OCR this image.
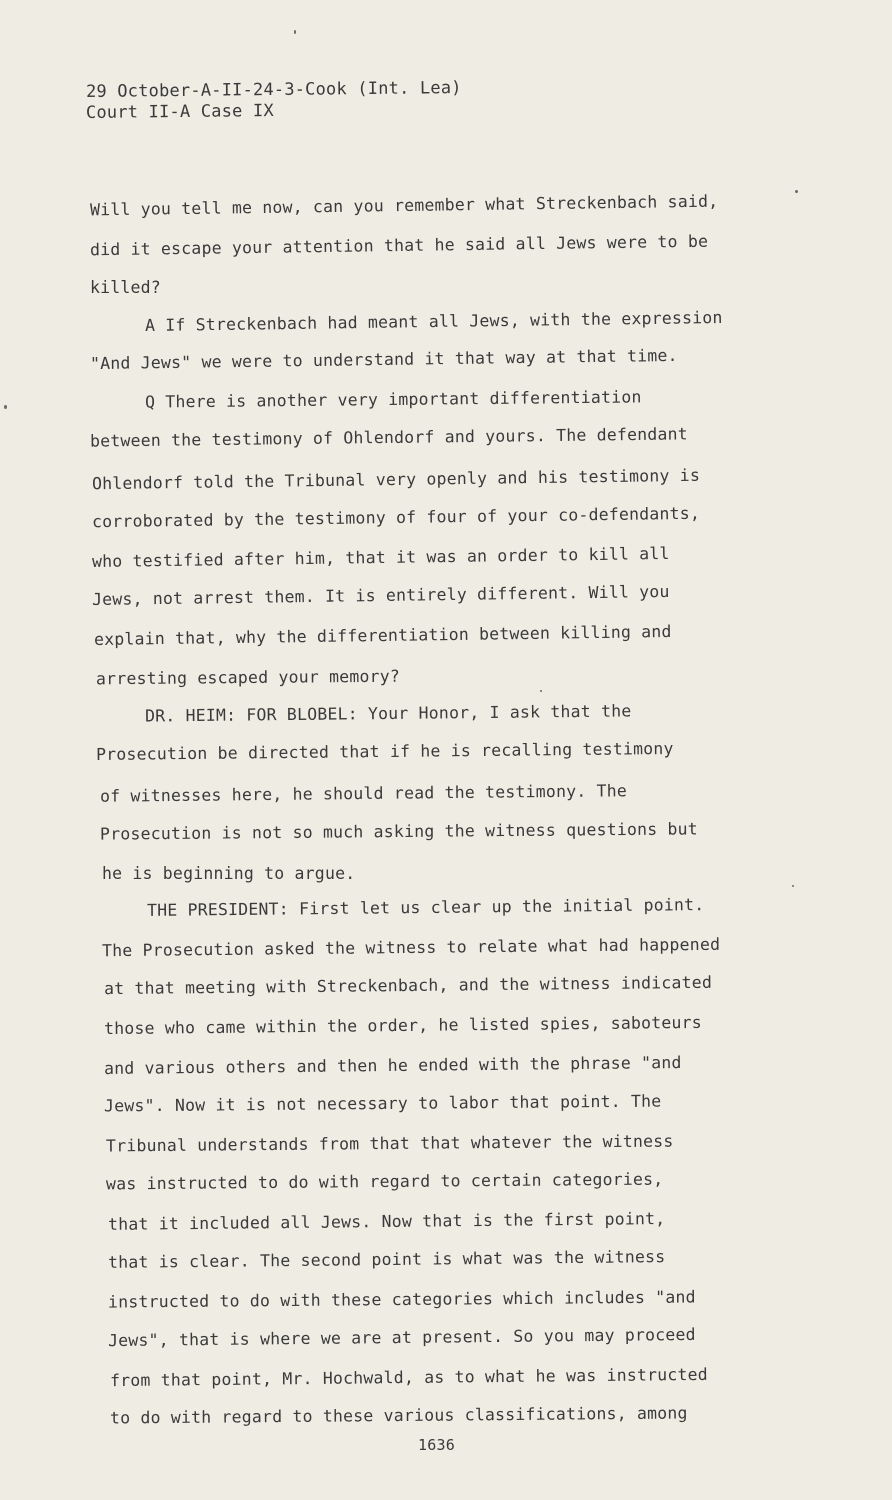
29 October-A-II-24-3-Cook (Int. Lea)
Court II-A Case IX
Will you tell me now, can you remember what Streckenbach said,
did it escape your attention that he said all Jews were to be
killed?
A If Streckenbach had meant all Jews, with the expression
"And Jews" we were to understand it that way at that time.
Q There is another very important differentiation
between the testimony of Ohlendorf and yours. The defendant
Ohlendorf told the Tribunal very openly and his testimony is
corroborated by the testimony of four of your co-defendants,
who testified after him, that it was an order to kill all
Jews, not arrest them. It is entirely different. Will you
explain that, why the differentiation between killing and
arresting escaped your memory?
DR. HEIM: FOR BLOBEL: Your Honor, I ask that the
Prosecution be directed that if he is recalling testimony
of witnesses here, he should read the testimony. The
Prosecution is not so much asking the witness questions but
he is beginning to argue.
THE PRESIDENT: First let us clear up the initial point.
The Prosecution asked the witness to relate what had happened
at that meeting with Streckenbach, and the witness indicated
those who came within the order, he listed spies, saboteurs
and various others and then he ended with the phrase "and
Jews". Now it is not necessary to labor that point. The
Tribunal understands from that that whatever the witness
was instructed to do with regard to certain categories,
that it included all Jews. Now that is the first point,
that is clear. The second point is what was the witness
instructed to do with these categories which includes "and
Jews", that is where we are at present. So you may proceed
from that point, Mr. Hochwald, as to what he was instructed
to do with regard to these various classifications, among
1636
